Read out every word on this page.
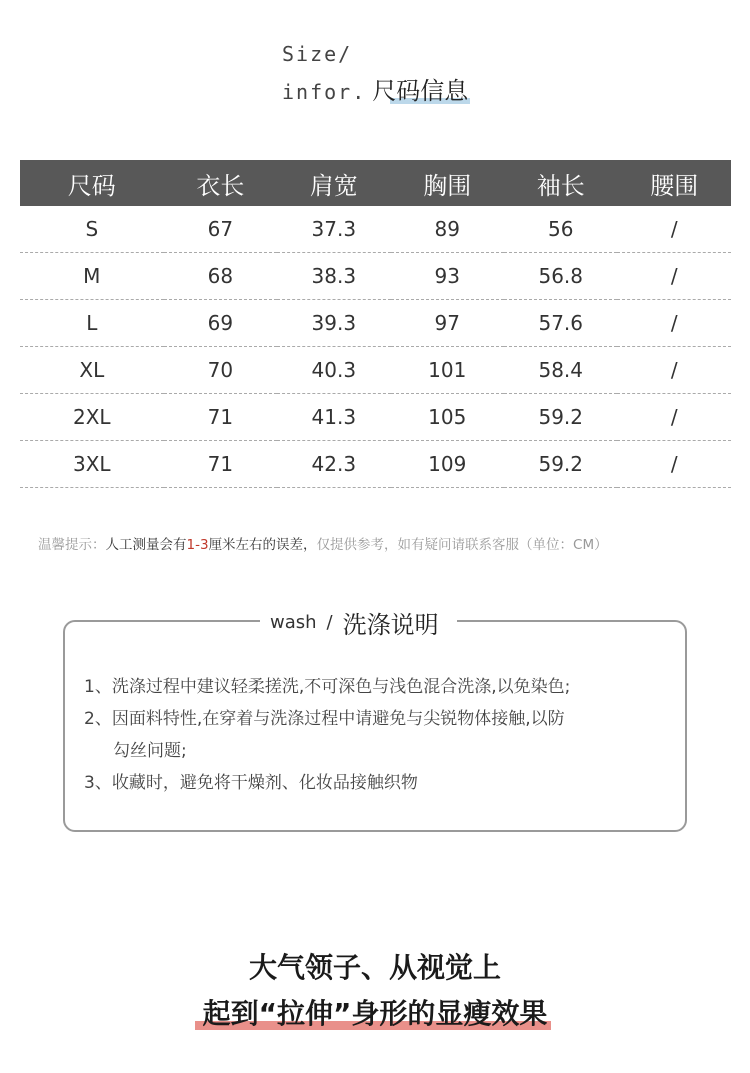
Size/
infor. 尺码信息
尺码	衣长	肩宽	胸围	袖长	腰围
S	67	37.3	89	56	/
M	68	38.3	93	56.8	/
L	69	39.3	97	57.6	/
XL	70	40.3	101	58.4	/
2XL	71	41.3	105	59.2	/
3XL	71	42.3	109	59.2	/
温馨提示：人工测量会有1-3厘米左右的误差，仅提供参考，如有疑问请联系客服（单位：CM）
wash / 洗涤说明
1、洗涤过程中建议轻柔搓洗,不可深色与浅色混合洗涤,以免染色;
2、因面料特性,在穿着与洗涤过程中请避免与尖锐物体接触,以防
勾丝问题;
3、收藏时，避免将干燥剂、化妆品接触织物
大气领子、从视觉上
起到“拉伸”身形的显瘦效果
